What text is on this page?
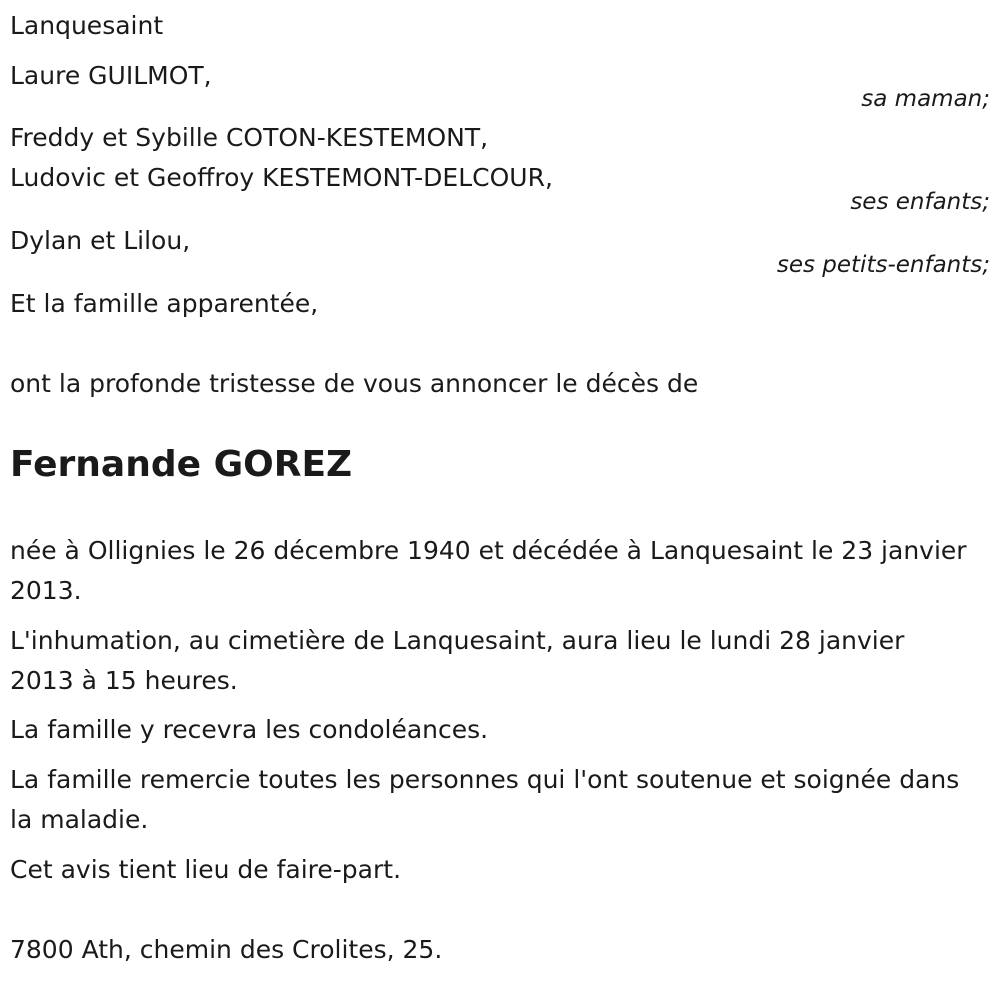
Lanquesaint
Laure GUILMOT,
sa maman;
Freddy et Sybille COTON-KESTEMONT,
Ludovic et Geoffroy KESTEMONT-DELCOUR,
ses enfants;
Dylan et Lilou,
ses petits-enfants;
Et la famille apparentée,
ont la profonde tristesse de vous annoncer le décès de
Fernande GOREZ
née à Ollignies le 26 décembre 1940 et décédée à Lanquesaint le 23 janvier 2013.
L'inhumation, au cimetière de Lanquesaint, aura lieu le lundi 28 janvier 2013 à 15 heures.
La famille y recevra les condoléances.
La famille remercie toutes les personnes qui l'ont soutenue et soignée dans la maladie.
Cet avis tient lieu de faire-part.
7800 Ath, chemin des Crolites, 25.
